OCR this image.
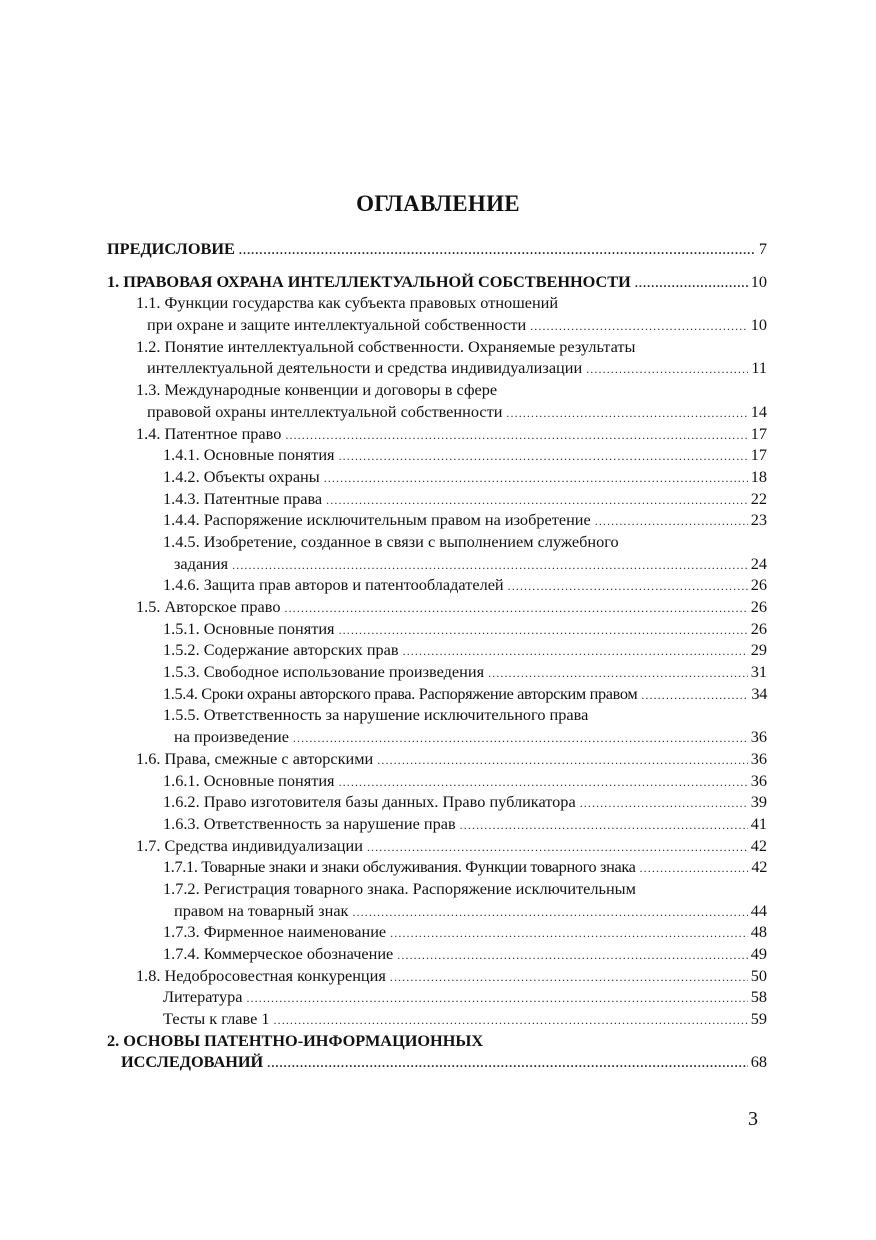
ОГЛАВЛЕНИЕ
ПРЕДИСЛОВИЕ .....	7
1. ПРАВОВАЯ ОХРАНА ИНТЕЛЛЕКТУАЛЬНОЙ СОБСТВЕННОСТИ .....	10
1.1. Функции государства как субъекта правовых отношений
при охране и защите интеллектуальной собственности .....	10
1.2. Понятие интеллектуальной собственности. Охраняемые результаты
интеллектуальной деятельности и средства индивидуализации .....	11
1.3. Международные конвенции и договоры в сфере
правовой охраны интеллектуальной собственности .....	14
1.4. Патентное право .....	17
1.4.1. Основные понятия .....	17
1.4.2. Объекты охраны .....	18
1.4.3. Патентные права .....	22
1.4.4. Распоряжение исключительным правом на изобретение .....	23
1.4.5. Изобретение, созданное в связи с выполнением служебного
задания .....	24
1.4.6. Защита прав авторов и патентообладателей .....	26
1.5. Авторское право .....	26
1.5.1. Основные понятия .....	26
1.5.2. Содержание авторских прав .....	29
1.5.3. Свободное использование произведения .....	31
1.5.4. Сроки охраны авторского права. Распоряжение авторским правом .....	34
1.5.5. Ответственность за нарушение исключительного права
на произведение .....	36
1.6. Права, смежные с авторскими .....	36
1.6.1. Основные понятия .....	36
1.6.2. Право изготовителя базы данных. Право публикатора .....	39
1.6.3. Ответственность за нарушение прав .....	41
1.7. Средства индивидуализации .....	42
1.7.1. Товарные знаки и знаки обслуживания. Функции товарного знака .....	42
1.7.2. Регистрация товарного знака. Распоряжение исключительным
правом на товарный знак .....	44
1.7.3. Фирменное наименование .....	48
1.7.4. Коммерческое обозначение .....	49
1.8. Недобросовестная конкуренция .....	50
Литература .....	58
Тесты к главе 1 .....	59
2. ОСНОВЫ ПАТЕНТНО-ИНФОРМАЦИОННЫХ
ИССЛЕДОВАНИЙ .....	68
3
